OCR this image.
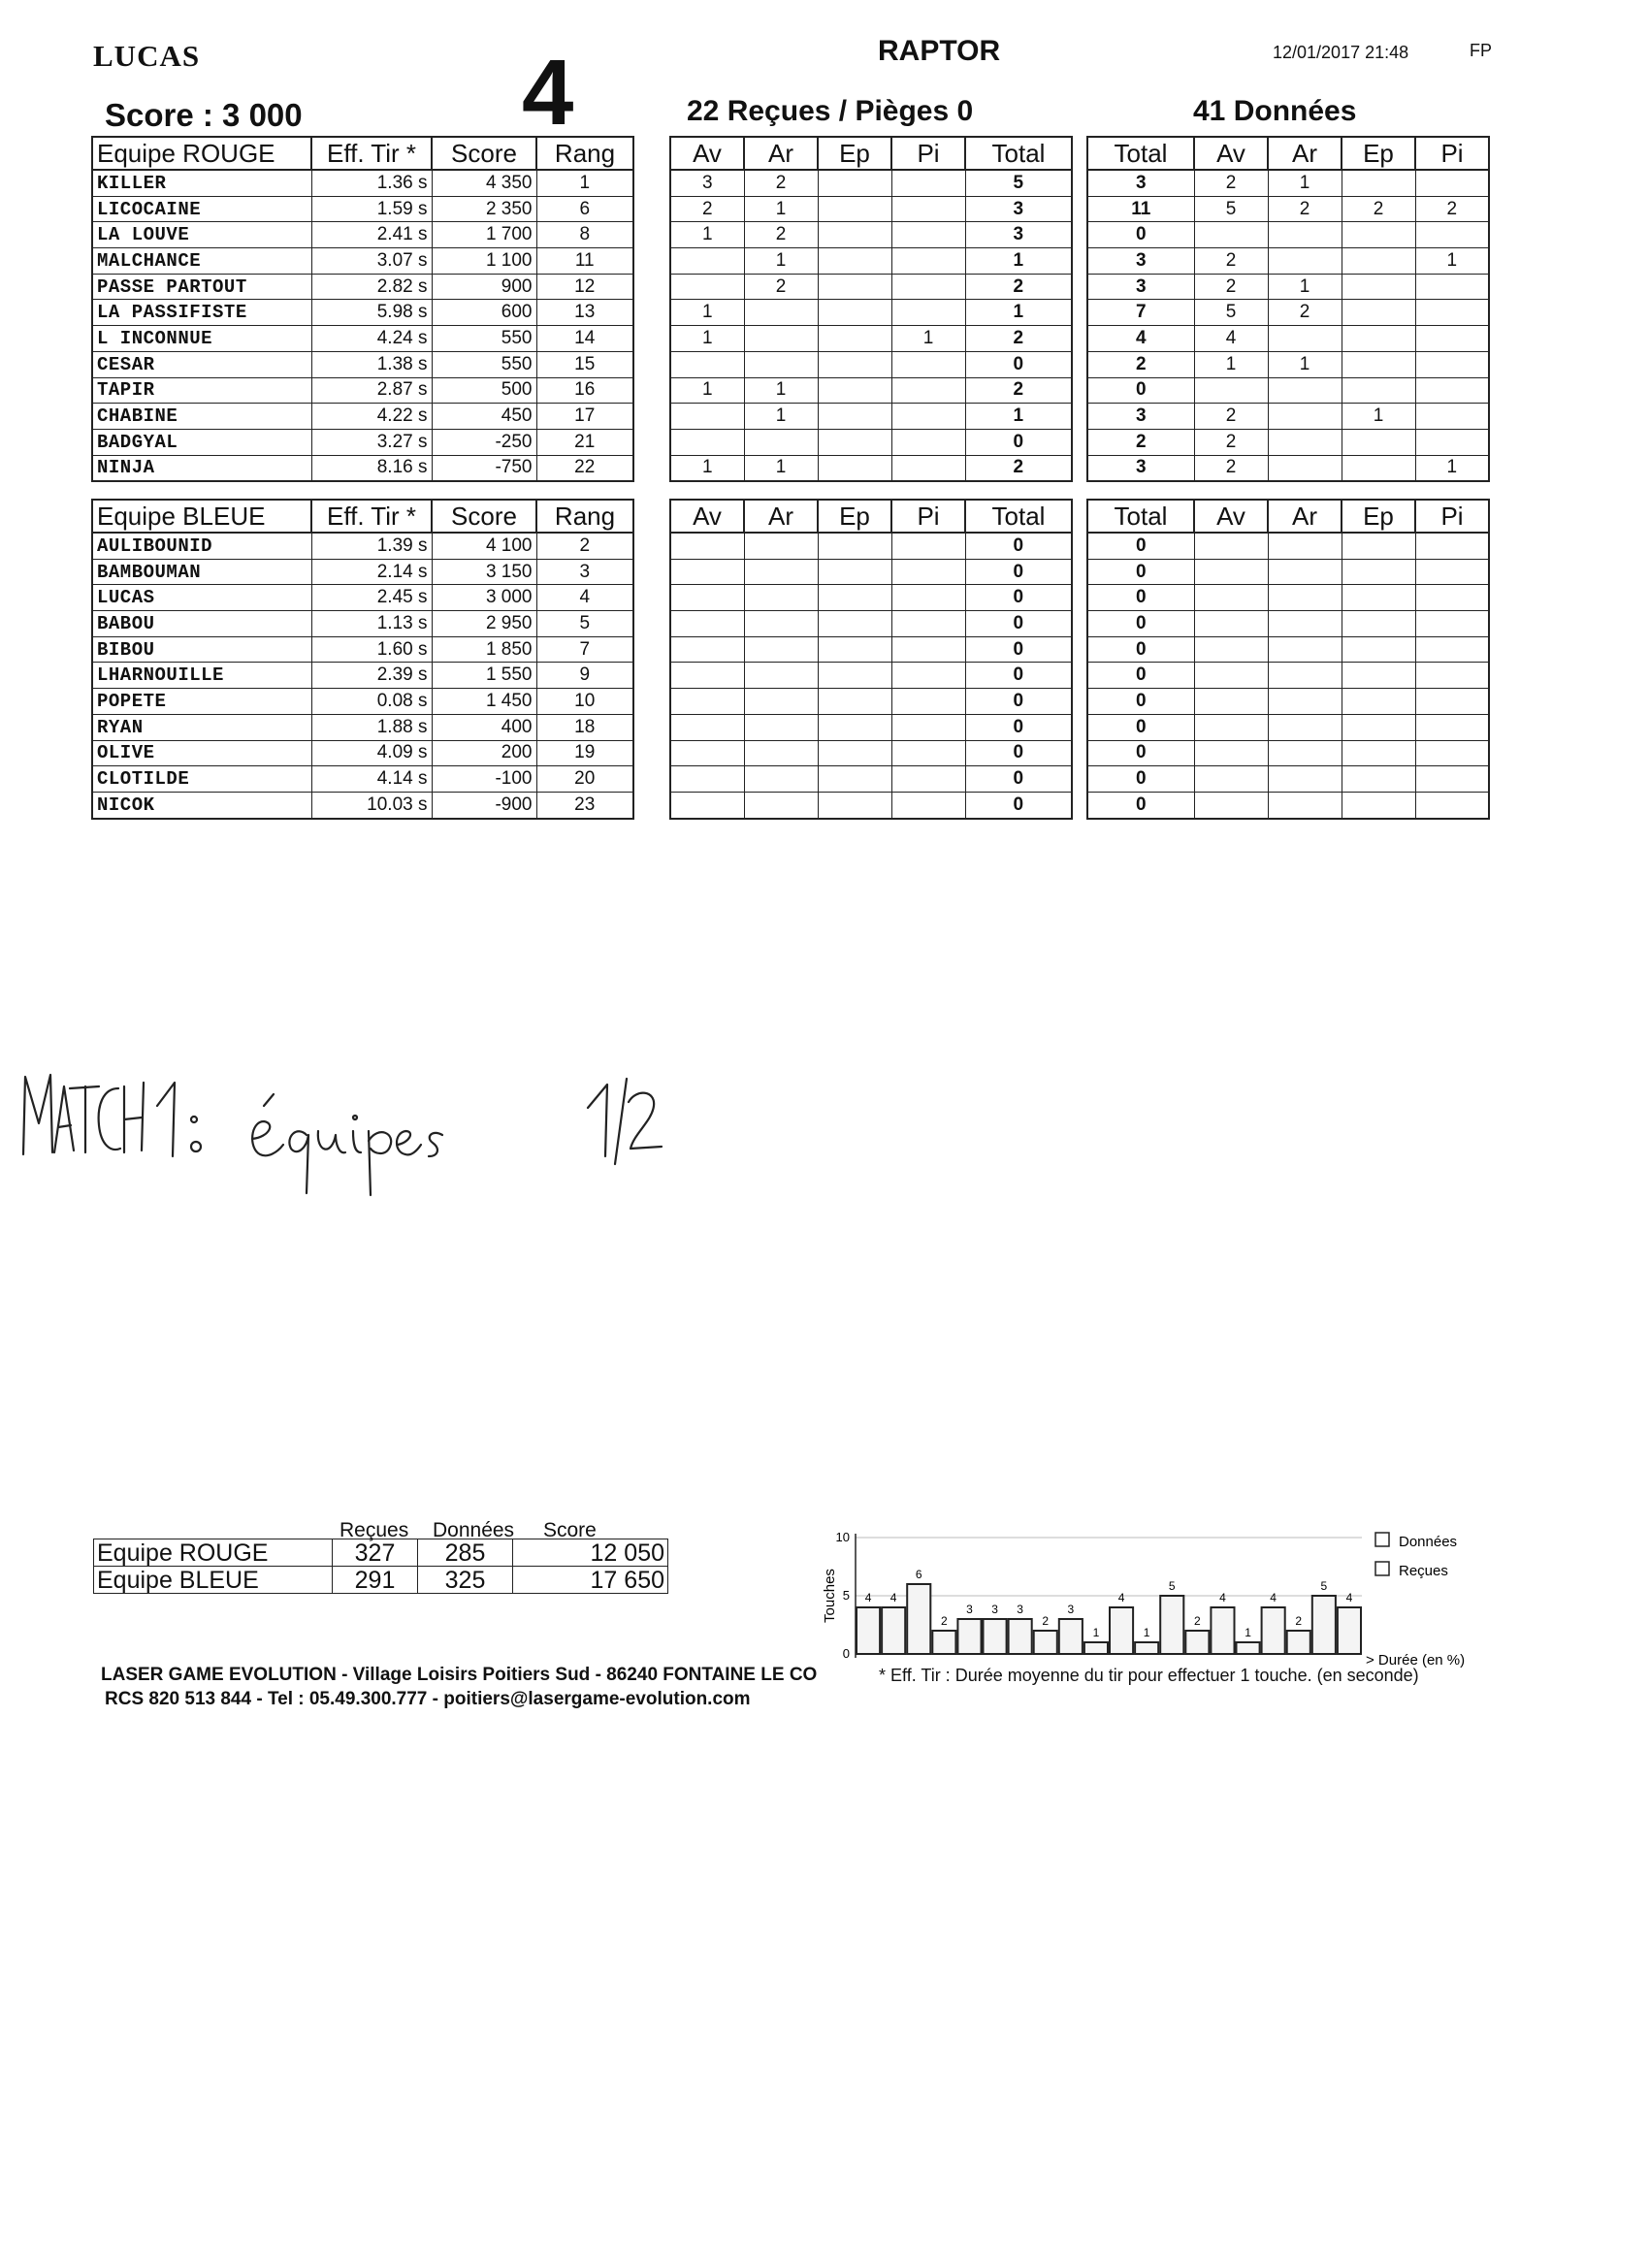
LUCAS	RAPTOR	12/01/2017 21:48	FP
Score : 3 000 4	22 Reçues / Pièges 0	41 Données
Equipe ROUGE	Eff. Tir *	Score	Rang
KILLER	1.36 s	4 350	1
LICOCAINE	1.59 s	2 350	6
LA LOUVE	2.41 s	1 700	8
MALCHANCE	3.07 s	1 100	11
PASSE PARTOUT	2.82 s	900	12
LA PASSIFISTE	5.98 s	600	13
L INCONNUE	4.24 s	550	14
CESAR	1.38 s	550	15
TAPIR	2.87 s	500	16
CHABINE	4.22 s	450	17
BADGYAL	3.27 s	-250	21
NINJA	8.16 s	-750	22
Av	Ar	Ep	Pi	Total
3	2			5
2	1			3
1	2			3
	1			1
	2			2
1				1
1			1	2
				0
1	1			2
	1			1
				0
1	1			2
Total	Av	Ar	Ep	Pi
3	2	1		
11	5	2	2	2
0				
3	2			1
3	2	1		
7	5	2		
4	4			
2	1	1		
0				
3	2		1	
2	2			
3	2			1
Equipe BLEUE	Eff. Tir *	Score	Rang
AULIBOUNID	1.39 s	4 100	2
BAMBOUMAN	2.14 s	3 150	3
LUCAS	2.45 s	3 000	4
BABOU	1.13 s	2 950	5
BIBOU	1.60 s	1 850	7
LHARNOUILLE	2.39 s	1 550	9
POPETE	0.08 s	1 450	10
RYAN	1.88 s	400	18
OLIVE	4.09 s	200	19
CLOTILDE	4.14 s	-100	20
NICOK	10.03 s	-900	23
Av	Ar	Ep	Pi	Total
				0
				0
				0
				0
				0
				0
				0
				0
				0
				0
				0
Total	Av	Ar	Ep	Pi
0				
0				
0				
0				
0				
0				
0				
0				
0				
0				
0				
Reçues Données Score
Equipe ROUGE	327	285	12 050
Equipe BLEUE	291	325	17 650
0
5
10
Touches 4 4
6
2
3 3 3
2
3
1
4
1
5
2
4
1
4
2
5
4
> Durée (en %)
Données
Reçues
LASER GAME EVOLUTION - Village Loisirs Poitiers Sud - 86240 FONTAINE LE CO
RCS 820 513 844 - Tel : 05.49.300.777 - poitiers@lasergame-evolution.com
* Eff. Tir : Durée moyenne du tir pour effectuer 1 touche. (en seconde)
